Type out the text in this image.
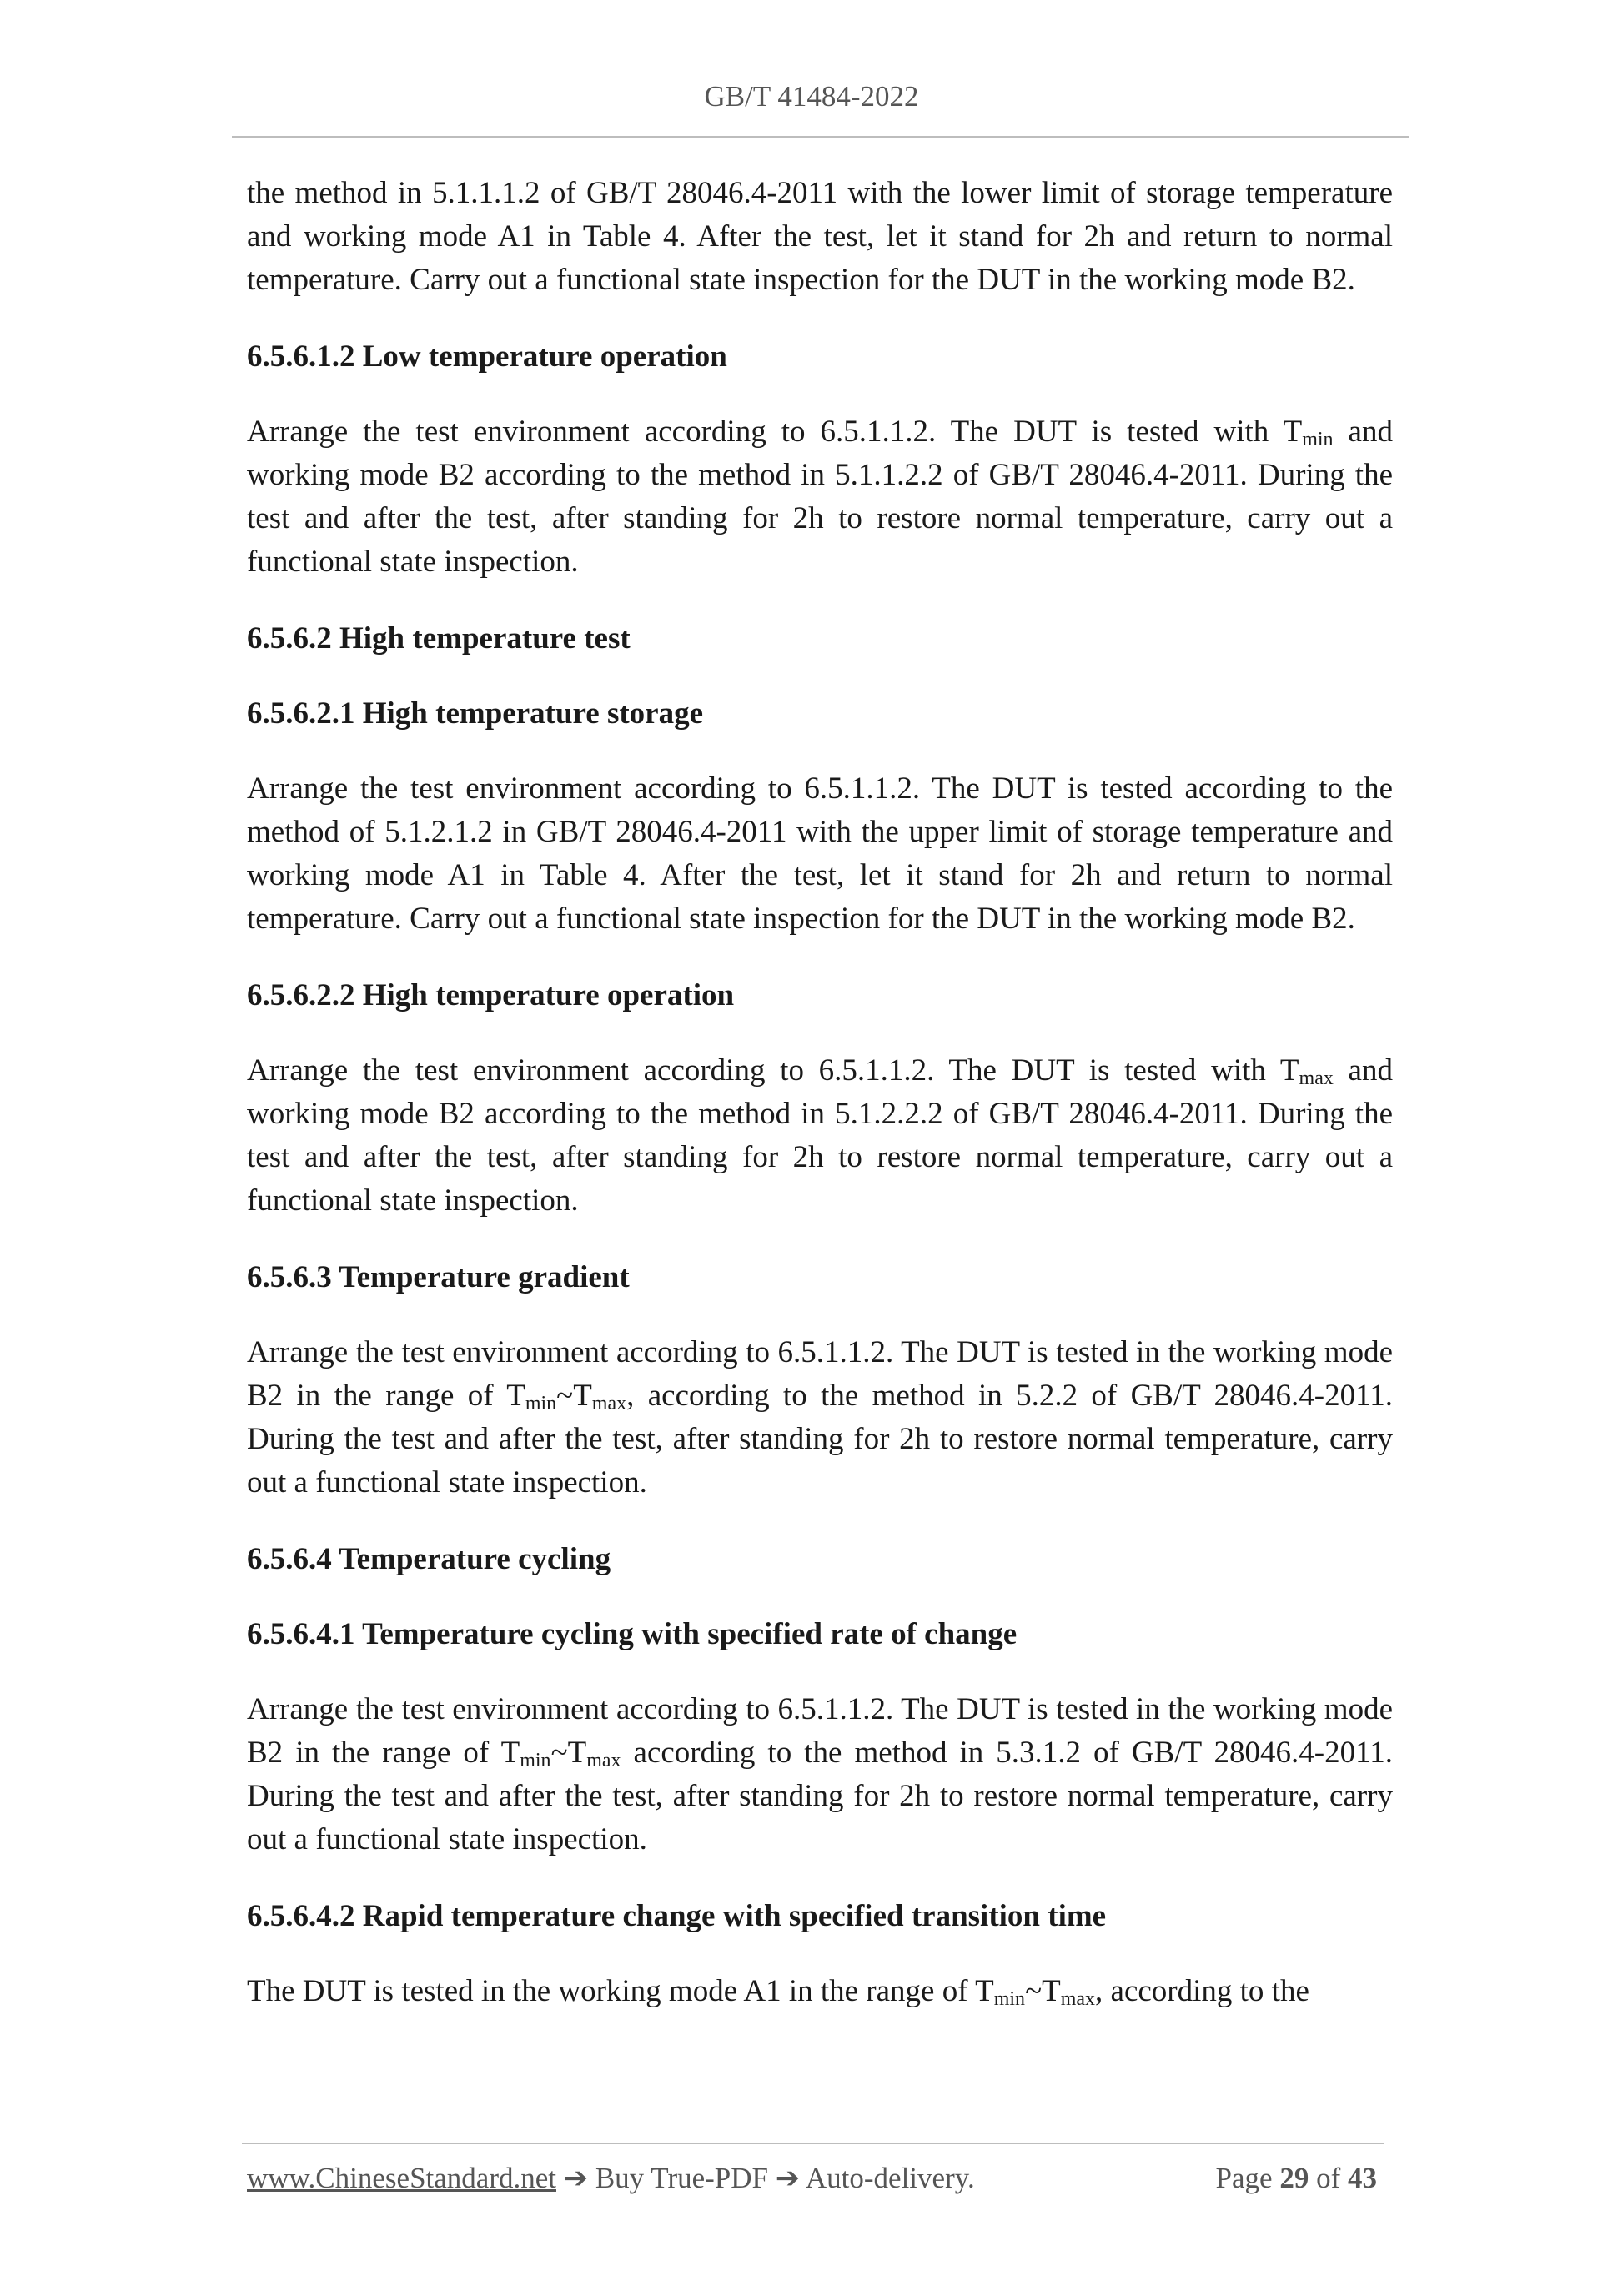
GB/T 41484-2022

the method in 5.1.1.1.2 of GB/T 28046.4-2011 with the lower limit of storage temperature and working mode A1 in Table 4. After the test, let it stand for 2h and return to normal temperature. Carry out a functional state inspection for the DUT in the working mode B2.

6.5.6.1.2 Low temperature operation

Arrange the test environment according to 6.5.1.1.2. The DUT is tested with $T_{min}$ and working mode B2 according to the method in 5.1.1.2.2 of GB/T 28046.4-2011. During the test and after the test, after standing for 2h to restore normal temperature, carry out a functional state inspection.

6.5.6.2 High temperature test

6.5.6.2.1 High temperature storage

Arrange the test environment according to 6.5.1.1.2. The DUT is tested according to the method of 5.1.2.1.2 in GB/T 28046.4-2011 with the upper limit of storage temperature and working mode A1 in Table 4. After the test, let it stand for 2h and return to normal temperature. Carry out a functional state inspection for the DUT in the working mode B2.

6.5.6.2.2 High temperature operation

Arrange the test environment according to 6.5.1.1.2. The DUT is tested with $T_{max}$ and working mode B2 according to the method in 5.1.2.2.2 of GB/T 28046.4-2011. During the test and after the test, after standing for 2h to restore normal temperature, carry out a functional state inspection.

6.5.6.3 Temperature gradient

Arrange the test environment according to 6.5.1.1.2. The DUT is tested in the working mode B2 in the range of $T_{min}\sim T_{max}$, according to the method in 5.2.2 of GB/T 28046.4-2011. During the test and after the test, after standing for 2h to restore normal temperature, carry out a functional state inspection.

6.5.6.4 Temperature cycling

6.5.6.4.1 Temperature cycling with specified rate of change

Arrange the test environment according to 6.5.1.1.2. The DUT is tested in the working mode B2 in the range of $T_{min}\sim T_{max}$ according to the method in 5.3.1.2 of GB/T 28046.4-2011. During the test and after the test, after standing for 2h to restore normal temperature, carry out a functional state inspection.

6.5.6.4.2 Rapid temperature change with specified transition time

The DUT is tested in the working mode A1 in the range of $T_{min}\sim T_{max}$, according to the

www.ChineseStandard.net ➔ Buy True-PDF ➔ Auto-delivery.	Page 29 of 43
